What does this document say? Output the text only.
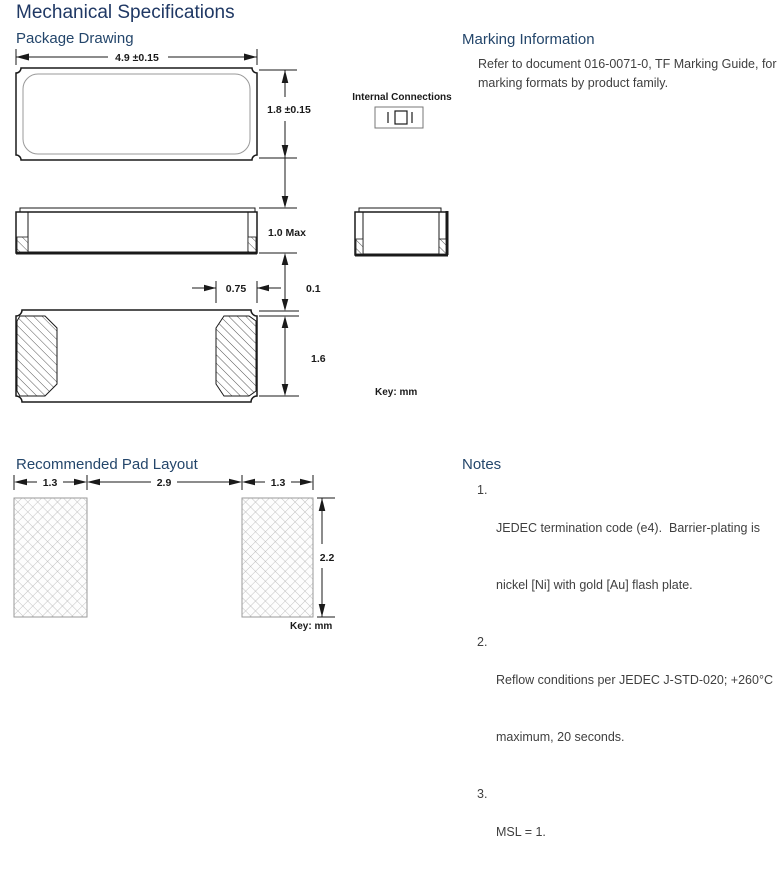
Mechanical Specifications
Package Drawing
4.9 ±0.15
1.8 ±0.15
Internal Connections
1.0 Max
0.75	0.1
1.6
Key: mm
Marking Information
Refer to document 016-0071-0, TF Marking Guide, for
marking formats by product family.
Recommended Pad Layout
1.3	2.9	1.3
2.2
Key: mm
Notes
1.

JEDEC termination code (e4).  Barrier-plating is

nickel [Ni] with gold [Au] flash plate.

2.

Reflow conditions per JEDEC J-STD-020; +260°C

maximum, 20 seconds.

3.

MSL = 1.
